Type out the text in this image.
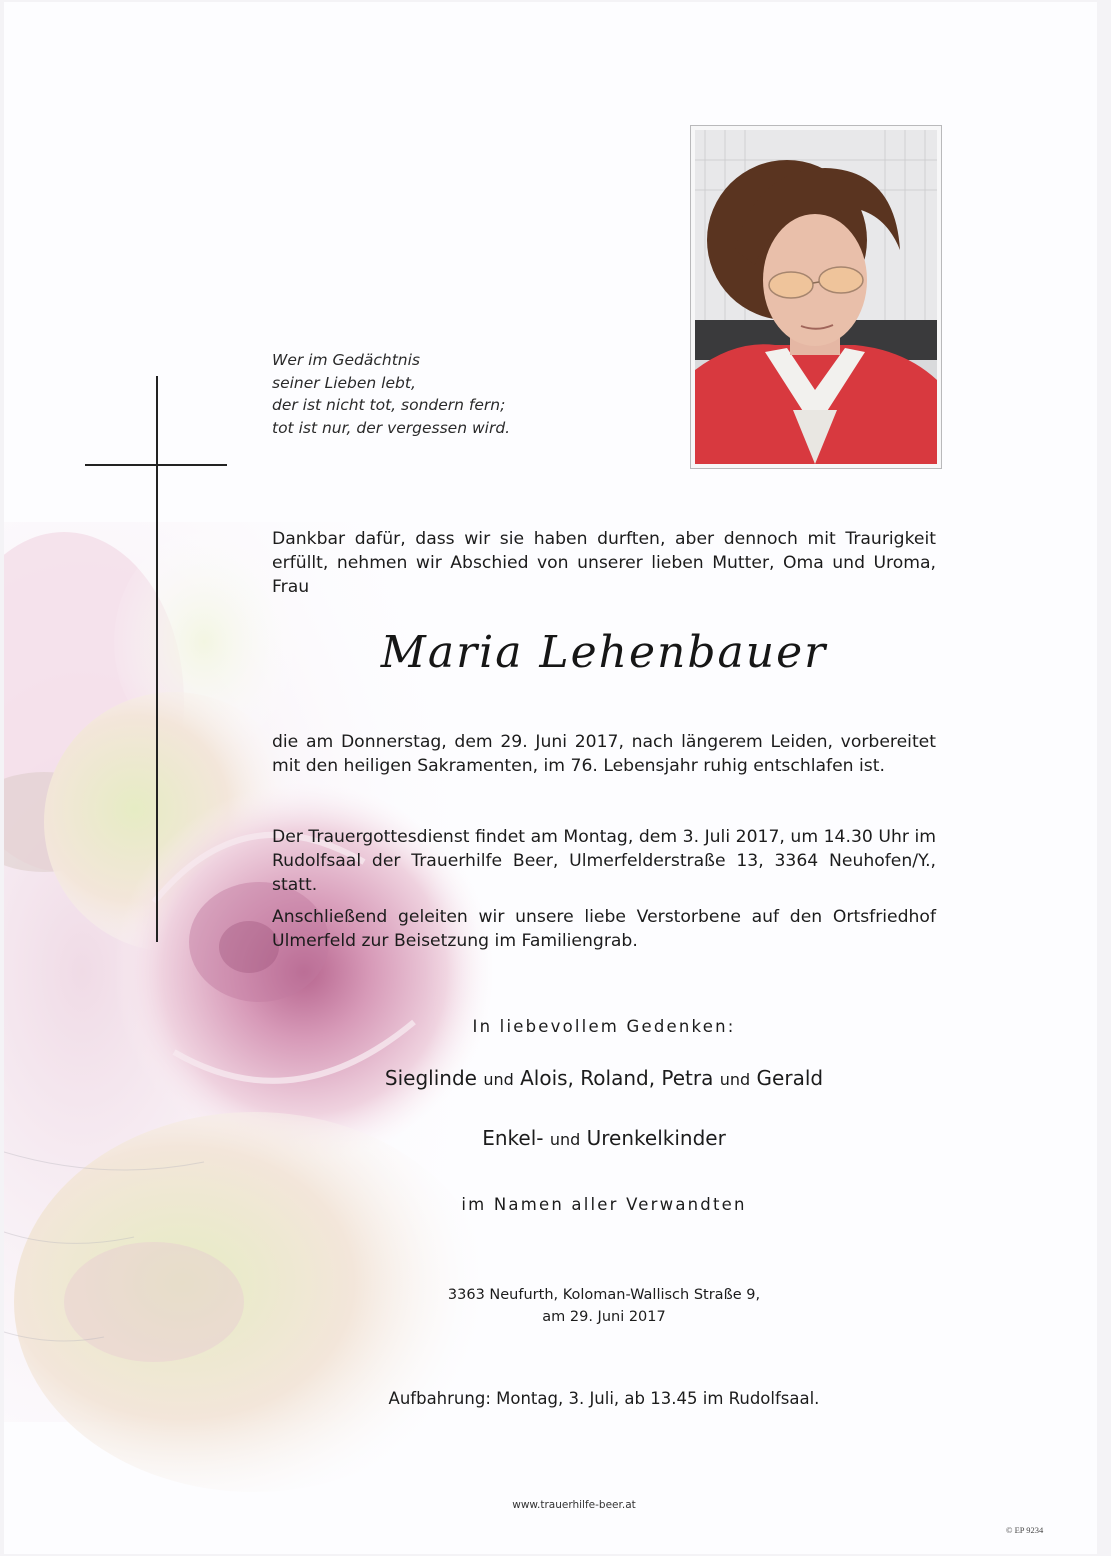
Wer im Gedächtnis
seiner Lieben lebt,
der ist nicht tot, sondern fern;
tot ist nur, der vergessen wird.
Dankbar dafür, dass wir sie haben durften, aber dennoch mit Traurigkeit erfüllt, nehmen wir Abschied von unserer lieben Mutter, Oma und Uroma, Frau
Maria Lehenbauer
die am Donnerstag, dem 29. Juni 2017, nach längerem Leiden, vorbereitet mit den heiligen Sakramenten, im 76. Lebensjahr ruhig entschlafen ist.
Der Trauergottesdienst findet am Montag, dem 3. Juli 2017, um 14.30 Uhr im Rudolfsaal der Trauerhilfe Beer, Ulmerfelderstraße 13, 3364 Neuhofen/Y., statt.
Anschließend geleiten wir unsere liebe Verstorbene auf den Ortsfriedhof Ulmerfeld zur Beisetzung im Familiengrab.
In liebevollem Gedenken:
Sieglinde und Alois, Roland, Petra und Gerald
Enkel- und Urenkelkinder
im Namen aller Verwandten
3363 Neufurth, Koloman-Wallisch Straße 9,
am 29. Juni 2017
Aufbahrung: Montag, 3. Juli, ab 13.45 im Rudolfsaal.
www.trauerhilfe-beer.at
© EP 9234
